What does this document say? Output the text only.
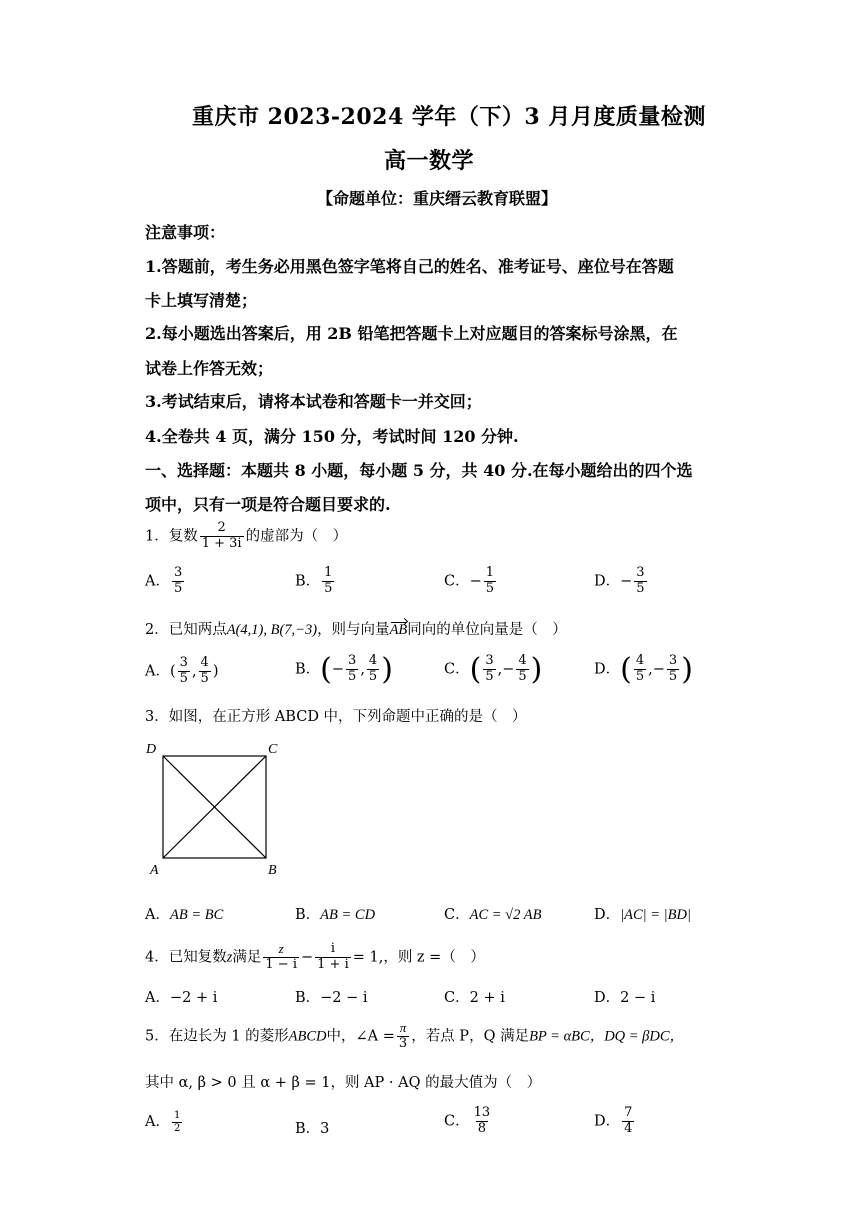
重庆市 2023-2024 学年（下）3 月月度质量检测
高一数学
【命题单位：重庆缙云教育联盟】
注意事项：
1.答题前，考生务必用黑色签字笔将自己的姓名、准考证号、座位号在答题
卡上填写清楚；
2.每小题选出答案后，用 2B 铅笔把答题卡上对应题目的答案标号涂黑，在
试卷上作答无效；
3.考试结束后，请将本试卷和答题卡一并交回；
4.全卷共 4 页，满分 150 分，考试时间 120 分钟.
一、选择题：本题共 8 小题，每小题 5 分，共 40 分.在每小题给出的四个选
项中，只有一项是符合题目要求的.
1．复数 $\frac{2}{1 + 3i}$ 的虚部为（　）
A． $\frac{3}{5}$	B． $\frac{1}{5}$	C．− $\frac{1}{5}$	D．− $\frac{3}{5}$
2．已知两点A(4,1), B(7,−3)，则与向量AB同向的单位向量是（　）
A．( $\frac{3}{5}$ , $\frac{4}{5}$ )	B．(− $\frac{3}{5}$ , $\frac{4}{5}$ )	C．( $\frac{3}{5}$ ,− $\frac{4}{5}$ )	D．( $\frac{4}{5}$ ,− $\frac{3}{5}$ )
3．如图，在正方形 ABCD 中，下列命题中正确的是（　）
D	C
A	B
A．AB = BC	B．AB = CD	C．AC = √2 AB	D．|AC| = |BD|
4．已知复数z满足 $\frac{z}{1 - i} - \frac{i}{1 + i} = 1$,，则 z =（　）
A．−2 + i	B．−2 − i	C．2 + i	D．2 − i
5．在边长为 1 的菱形ABCD中，∠A = $\frac{\pi}{3}$ ，若点 P，Q 满足BP = αBC，DQ = βDC，
其中 α, β > 0 且 α + β = 1，则 AP · AQ 的最大值为（　）
A． $\frac{1}{2}$	B．3	C． $\frac{13}{8}$	D． $\frac{7}{4}$
